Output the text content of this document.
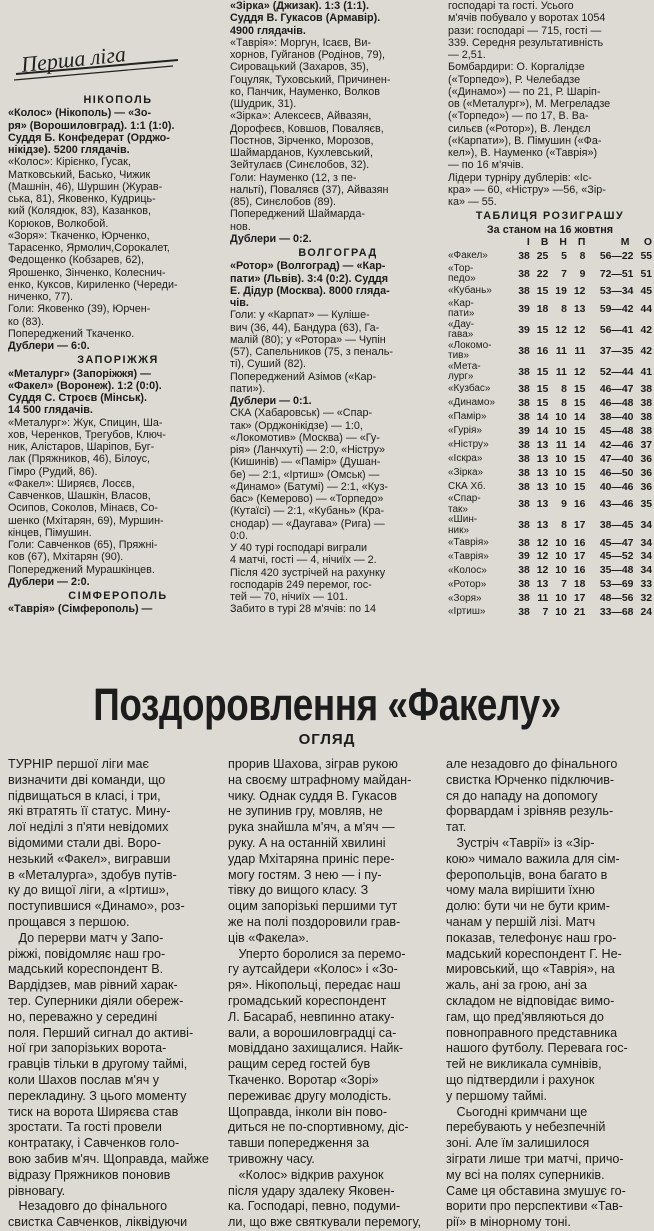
Перша ліга
НІКОПОЛЬ
«Колос» (Нікополь) — «Зо-
ря» (Ворошиловград). 1:1 (1:0).
Суддя Б. Конфедерат (Орджо-
нікідзе). 5200 глядачів.
«Колос»: Кірієнко, Гусак,
Матковський, Басько, Чижик
(Машнін, 46), Шуршин (Журав-
ська, 81), Яковенко, Кудриць-
кий (Колядюк, 83), Казанков,
Корюков, Волкобой.
«Зоря»: Ткаченко, Юрченко,
Тарасенко, Ярмолич,Сорокалет,
Федощенко (Кобзарев, 62),
Ярошенко, Зінченко, Колеснич-
енко, Куксов, Кириленко (Череди-
ниченко, 77).
Голи: Яковенко (39), Юрчен-
ко (83).
Попереджений Ткаченко.
Дублери — 6:0.
ЗАПОРІЖЖЯ
«Металург» (Запоріжжя) —
«Факел» (Воронеж). 1:2 (0:0).
Суддя С. Строєв (Мінськ).
14 500 глядачів.
«Металург»: Жук, Спицин, Ша-
хов, Черенков, Трегубов, Ключ-
ник, Алістаров, Шаріпов, Буг-
лак (Пряжников, 46), Білоус,
Гімро (Рудий, 86).
«Факел»: Ширяєв, Лосєв,
Савченков, Шашкін, Власов,
Осипов, Соколов, Мінаєв, Со-
шенко (Мхітарян, 69), Муршин-
кінцев, Пімушин.
Голи: Савченков (65), Пряжні-
ков (67), Мхітарян (90).
Попереджений Мурашкінцев.
Дублери — 2:0.
СІМФЕРОПОЛЬ
«Таврія» (Сімферополь) —
«Зірка» (Джизак). 1:3 (1:1).
Суддя В. Гукасов (Армавір).
4900 глядачів.
«Таврія»: Моргун, Ісаєв, Ви-
хорнов, Гуйганов (Родінов, 79),
Сировацький (Захаров, 35),
Гоцуляк, Туховський, Причинен-
ко, Панчик, Науменко, Волков
(Шудрик, 31).
«Зірка»: Алексеєв, Айвазян,
Дорофеєв, Ковшов, Поваляєв,
Постнов, Зірченко, Морозов,
Шаймарданов, Кухлевський,
Зейтулаєв (Синєлобов, 32).
Голи: Науменко (12, з пе-
нальті), Поваляєв (37), Айвазян
(85), Синєлобов (89).
Попереджений Шаймардa-
нов.
Дублери — 0:2.
ВОЛГОГРАД
«Ротор» (Волгоград) — «Кар-
пати» (Львів). 3:4 (0:2). Суддя
Е. Дідур (Москва). 8000 глядa-
чів.
Голи: у «Карпат» — Куліше-
вич (36, 44), Бандура (63), Га-
малій (80); у «Ротора» — Чупін
(57), Сапельников (75, з пеналь-
ті), Суший (82).
Попереджений Азімов («Кар-
пати»).
Дублери — 0:1.
СКА (Хабаровськ) — «Спар-
так» (Орджонікідзе) — 1:0,
«Локомотив» (Москва) — «Гу-
рія» (Ланчхуті) — 2:0, «Ністру»
(Кишинів) — «Памір» (Душан-
бе) — 2:1, «Іртиш» (Омськ) —
«Динамо» (Батумі) — 2:1, «Куз-
бас» (Кемерово) — «Торпедо»
(Кутаїсі) — 2:1, «Кубань» (Крa-
снодар) — «Даугава» (Рига) —
0:0.
У 40 турі господарі виграли
4 матчі, гості — 4, нічиїх — 2.
Після 420 зустрічей на рахунку
господарів 249 перемог, гос-
тей — 70, нічиїх — 101.
Забито в турі 28 м'ячів: по 14
господарі та гості. Усього
м'ячів побувало у воротах 1054
рази: господарі — 715, гості —
339. Середня результативність
— 2,51.
Бомбардири: О. Коргалідзе
(«Торпедо»), Р. Челебадзе
(«Динамо») — по 21, Р. Шаріп-
ов («Металург»), М. Мегреладзе
(«Торпедо») — по 17, В. Ва-
сильєв («Ротор»), В. Лендєл
(«Карпати»), В. Пімушин («Фа-
кел»), В. Науменко («Таврія»)
— по 16 м'ячів.
Лідери турніру дублерів: «Іс-
кра» — 60, «Ністру» —56, «Зір-
ка» — 55.
ТАБЛИЦЯ РОЗИГРАШУ
За станом на 16 жовтня
	І	В	Н	П	М	О
«Факел»	38	25	5	8	56—22	55
«Тор-
педо»	38	22	7	9	72—51	51
«Кубань»	38	15	19	12	53—34	45
«Кар-
пати»	39	18	8	13	59—42	44
«Дау-
гава»	39	15	12	12	56—41	42
«Локомо-
тив»	38	16	11	11	37—35	42
«Мета-
лург»	38	15	11	12	52—44	41
«Кузбас»	38	15	8	15	46—47	38
«Динамо»	38	15	8	15	46—48	38
«Памір»	38	14	10	14	38—40	38
«Гурія»	39	14	10	15	45—48	38
«Ністру»	38	13	11	14	42—46	37
«Іскра»	38	13	10	15	47—40	36
«Зірка»	38	13	10	15	46—50	36
СКА Хб.	38	13	10	15	40—46	36
«Спар-
так»	38	13	9	16	43—46	35
«Шин-
ник»	38	13	8	17	38—45	34
«Таврія»	38	12	10	16	45—47	34
«Таврія»	39	12	10	17	45—52	34
«Колос»	38	12	10	16	35—48	34
«Ротор»	38	13	7	18	53—69	33
«Зоря»	38	11	10	17	48—56	32
«Іртиш»	38	7	10	21	33—68	24
Поздоровлення «Факелу»
ОГЛЯД
ТУРНІР першої ліги має
визначити дві команди, що
підвищаться в класі, і три,
які втратять її статус. Мину-
лої неділі з п'яти невідомих
відомими стали дві. Воро-
незький «Факел», вигравши
в «Металурга», здобув путів-
ку до вищої ліги, а «Іртиш»,
поступившися «Динамо», роз-
прощався з першою.
До перерви матч у Запо-
ріжжі, повідомляє наш гро-
мадський кореспондент В.
Вардідзев, мав рівний харак-
тер. Суперники діяли обереж-
но, переважно у середині
поля. Перший сигнал до активі-
ної гри запорізьких ворота-
гравців тільки в другому таймі,
коли Шахов послав м'яч у
перекладину. З цього моменту
тиск на ворота Ширяєва став
зростати. Та гості провели
контратаку, і Савченков голо-
вою забив м'яч. Щоправда, майже
відразу Пряжников поновив
рівновагу.
Незадовго до фінального
свистка Савченков, ліквідуючи
прорив Шахова, зіграв рукою
на своєму штрафному майдан-
чику. Однак суддя В. Гукасов
не зупинив гру, мовляв, не
рука знайшла м'яч, а м'яч —
руку. А на останній хвилині
удар Мхітаряна приніс пере-
могу гостям. З нею — і пу-
тівку до вищого класу. З
оцим запорізькі першими тут
же на полі поздоровили грав-
ців «Факела».
Уперто боролися за перемо-
гу аутсайдери «Колос» і «Зо-
ря». Нікопольці, передає наш
громадський кореспондент
Л. Басараб, невпинно атаку-
вали, а ворошиловградці са-
мовіддано захищалися. Найк-
ращим серед гостей був
Ткаченко. Воротар «Зорі»
переживає другу молодість.
Щоправда, інколи він пово-
диться не по-спортивному, діс-
тавши попередження за
тривожну часу.
«Колос» відкрив рахунок
після удару здалеку Яковен-
ка. Господарі, певно, подуми-
ли, що вже святкували перемогу,
але незадовго до фінального
свистка Юрченко підключив-
ся до нападу на допомогу
форвардам і зрівняв резуль-
тат.
Зустріч «Таврії» із «Зір-
кою» чимало важила для сім-
феропольців, вона багато в
чому мала вирішити їхню
долю: бути чи не бути крим-
чанам у першій лізі. Матч
показав, телефонує наш гро-
мадський кореспондент Г. Не-
мировський, що «Таврія», на
жаль, ані за грою, ані за
складом не відповідає вимо-
гам, що пред'являються до
повноправного представника
нашого футболу. Перевага гос-
тей не викликала сумнівів,
що підтвердили і рахунок
у першому таймі.
Сьогодні кримчани ще
перебувають у небезпечній
зоні. Але їм залишилося
зіграти лише три матчі, причо-
му всі на полях суперників.
Саме ця обставина змушує го-
ворити про перспективи «Тав-
рії» в мінорному тоні.
